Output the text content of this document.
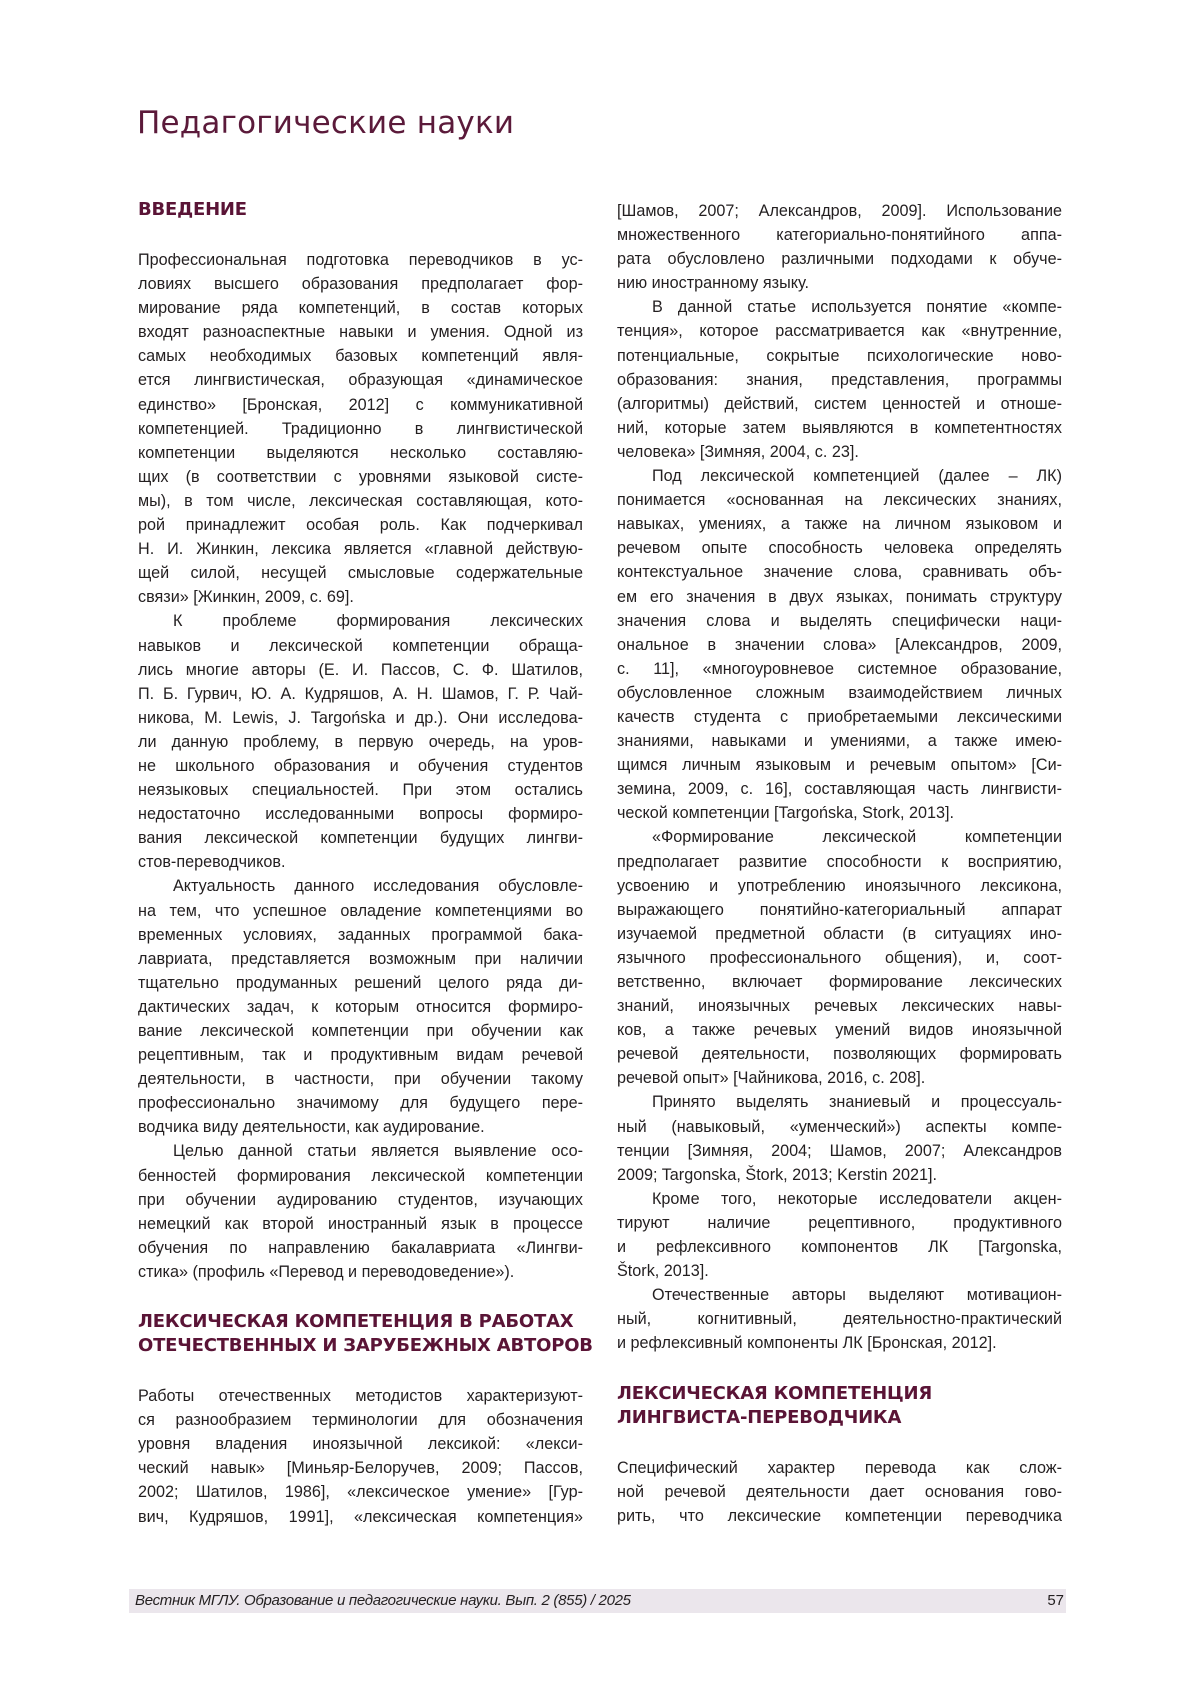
Педагогические науки
ВВЕДЕНИЕ
Профессиональная подготовка переводчиков в ус-
ловиях высшего образования предполагает фор-
мирование ряда компетенций, в состав которых
входят разноаспектные навыки и умения. Одной из
самых необходимых базовых компетенций явля-
ется лингвистическая, образующая «динамическое
единство» [Бронская, 2012] с коммуникативной
компетенцией. Традиционно в лингвистической
компетенции выделяются несколько составляю-
щих (в соответствии с уровнями языковой систе-
мы), в том числе, лексическая составляющая, кото-
рой принадлежит особая роль. Как подчеркивал
Н. И. Жинкин, лексика является «главной действую-
щей силой, несущей смысловые содержательные
связи» [Жинкин, 2009, с. 69].
К проблеме формирования лексических
навыков и лексической компетенции обраща-
лись многие авторы (Е. И. Пассов, С. Ф. Шатилов,
П. Б. Гурвич, Ю. А. Кудряшов, А. Н. Шамов, Г. Р. Чай-
никова, M. Lewis, J. Targońska и др.). Они исследова-
ли данную проблему, в первую очередь, на уров-
не школьного образования и обучения студентов
неязыковых специальностей. При этом остались
недостаточно исследованными вопросы формиро-
вания лексической компетенции будущих лингви-
стов-переводчиков.
Актуальность данного исследования обусловле-
на тем, что успешное овладение компетенциями во
временных условиях, заданных программой бака-
лавриата, представляется возможным при наличии
тщательно продуманных решений целого ряда ди-
дактических задач, к которым относится формиро-
вание лексической компетенции при обучении как
рецептивным, так и продуктивным видам речевой
деятельности, в частности, при обучении такому
профессионально значимому для будущего пере-
водчика виду деятельности, как аудирование.
Целью данной статьи является выявление осо-
бенностей формирования лексической компетенции
при обучении аудированию студентов, изучающих
немецкий как второй иностранный язык в процессе
обучения по направлению бакалавриата «Лингви-
стика» (профиль «Перевод и переводоведение»).
ЛЕКСИЧЕСКАЯ КОМПЕТЕНЦИЯ В РАБОТАХ
ОТЕЧЕСТВЕННЫХ И ЗАРУБЕЖНЫХ АВТОРОВ
Работы отечественных методистов характеризуют-
ся разнообразием терминологии для обозначения
уровня владения иноязычной лексикой: «лекси-
ческий навык» [Миньяр-Белоручев, 2009; Пассов,
2002; Шатилов, 1986], «лексическое умение» [Гур-
вич, Кудряшов, 1991], «лексическая компетенция»
[Шамов, 2007; Александров, 2009]. Использование
множественного категориально-понятийного аппа-
рата обусловлено различными подходами к обуче-
нию иностранному языку.
В данной статье используется понятие «компе-
тенция», которое рассматривается как «внутренние,
потенциальные, сокрытые психологические ново-
образования: знания, представления, программы
(алгоритмы) действий, систем ценностей и отноше-
ний, которые затем выявляются в компетентностях
человека» [Зимняя, 2004, с. 23].
Под лексической компетенцией (далее – ЛК)
понимается «основанная на лексических знаниях,
навыках, умениях, а также на личном языковом и
речевом опыте способность человека определять
контекстуальное значение слова, сравнивать объ-
ем его значения в двух языках, понимать структуру
значения слова и выделять специфически наци-
ональное в значении слова» [Александров, 2009,
с. 11], «многоуровневое системное образование,
обусловленное сложным взаимодействием личных
качеств студента с приобретаемыми лексическими
знаниями, навыками и умениями, а также имею-
щимся личным языковым и речевым опытом» [Си-
земина, 2009, с. 16], составляющая часть лингвисти-
ческой компетенции [Targońska, Stork, 2013].
«Формирование лексической компетенции
предполагает развитие способности к восприятию,
усвоению и употреблению иноязычного лексикона,
выражающего понятийно-категориальный аппарат
изучаемой предметной области (в ситуациях ино-
язычного профессионального общения), и, соот-
ветственно, включает формирование лексических
знаний, иноязычных речевых лексических навы-
ков, а также речевых умений видов иноязычной
речевой деятельности, позволяющих формировать
речевой опыт» [Чайникова, 2016, с. 208].
Принято выделять знаниевый и процессуаль-
ный (навыковый, «уменческий») аспекты компе-
тенции [Зимняя, 2004; Шамов, 2007; Александров
2009; Targonska, Štork, 2013; Kerstin 2021].
Кроме того, некоторые исследователи акцен-
тируют наличие рецептивного, продуктивного
и рефлексивного компонентов ЛК [Targonska,
Štork, 2013].
Отечественные авторы выделяют мотивацион-
ный, когнитивный, деятельностно-практический
и рефлексивный компоненты ЛК [Бронская, 2012].
ЛЕКСИЧЕСКАЯ КОМПЕТЕНЦИЯ
ЛИНГВИСТА-ПЕРЕВОДЧИКА
Специфический характер перевода как слож-
ной речевой деятельности дает основания гово-
рить, что лексические компетенции переводчика
Вестник МГЛУ. Образование и педагогические науки. Вып. 2 (855) / 2025	57
